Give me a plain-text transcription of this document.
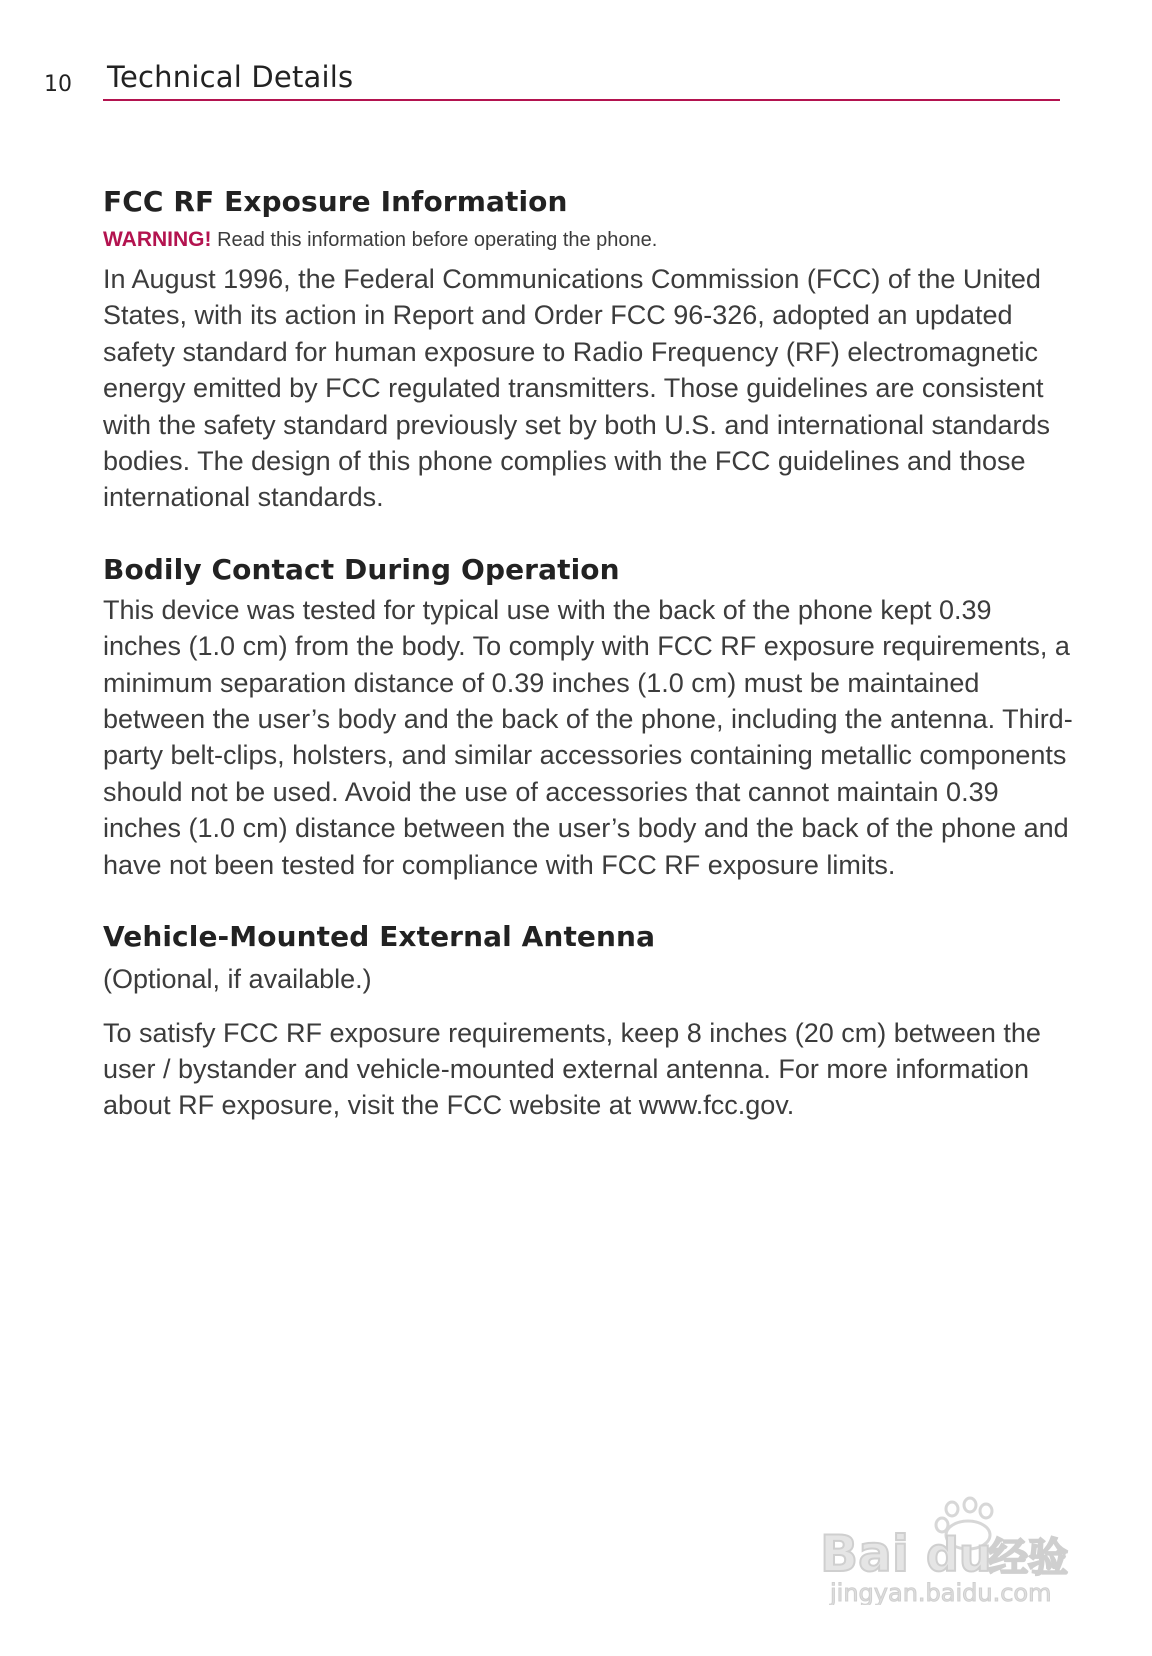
10 Technical Details
FCC RF Exposure Information
WARNING! Read this information before operating the phone.

In August 1996, the Federal Communications Commission (FCC) of the United States, with its action in Report and Order FCC 96-326, adopted an updated safety standard for human exposure to Radio Frequency (RF) electromagnetic energy emitted by FCC regulated transmitters. Those guidelines are consistent with the safety standard previously set by both U.S. and international standards bodies. The design of this phone complies with the FCC guidelines and those international standards.

Bodily Contact During Operation

This device was tested for typical use with the back of the phone kept 0.39 inches (1.0 cm) from the body. To comply with FCC RF exposure requirements, a minimum separation distance of 0.39 inches (1.0 cm) must be maintained between the user’s body and the back of the phone, including the antenna. Third-party belt-clips, holsters, and similar accessories containing metallic components should not be used. Avoid the use of accessories that cannot maintain 0.39 inches (1.0 cm) distance between the user’s body and the back of the phone and have not been tested for compliance with FCC RF exposure limits.

Vehicle-Mounted External Antenna

(Optional, if available.)

To satisfy FCC RF exposure requirements, keep 8 inches (20 cm) between the user / bystander and vehicle-mounted external antenna. For more information about RF exposure, visit the FCC website at www.fcc.gov.

Bai du
经验
jingyan.baidu.com
